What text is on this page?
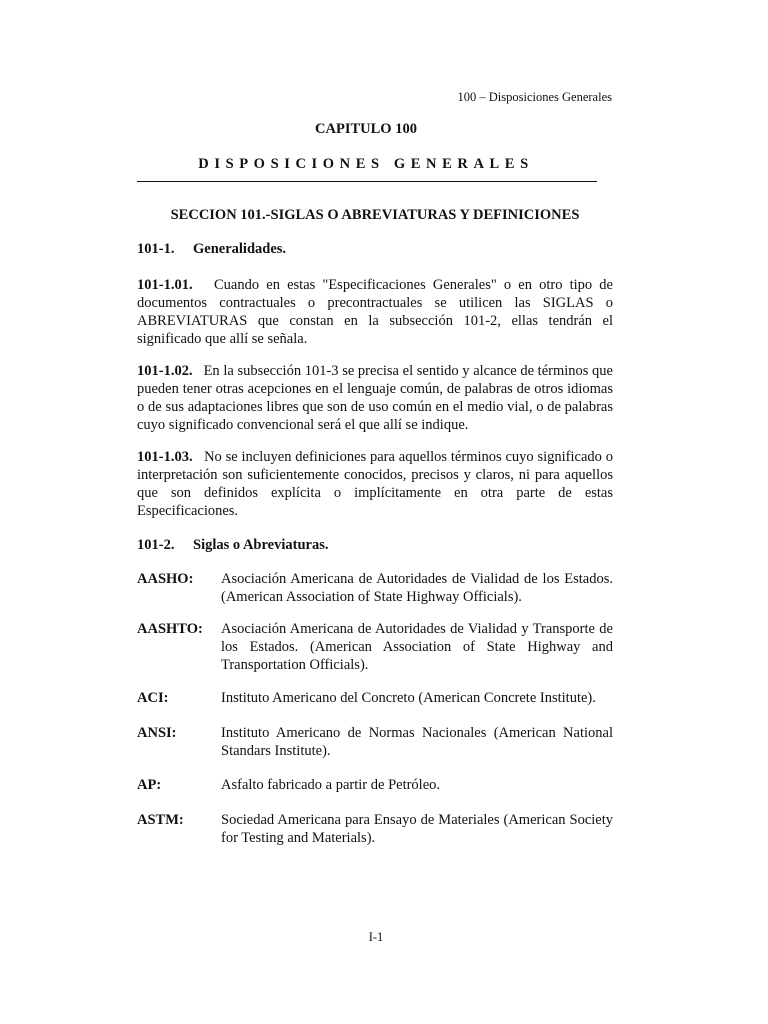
100 – Disposiciones Generales
CAPITULO 100
DISPOSICIONES GENERALES
SECCION 101.-SIGLAS O ABREVIATURAS Y DEFINICIONES
101-1. Generalidades.
101-1.01. Cuando en estas "Especificaciones Generales" o en otro tipo de documentos contractuales o precontractuales se utilicen las SIGLAS o ABREVIATURAS que constan en la subsección 101-2, ellas tendrán el significado que allí se señala.
101-1.02. En la subsección 101-3 se precisa el sentido y alcance de términos que pueden tener otras acepciones en el lenguaje común, de palabras de otros idiomas o de sus adaptaciones libres que son de uso común en el medio vial, o de palabras cuyo significado convencional será el que allí se indique.
101-1.03. No se incluyen definiciones para aquellos términos cuyo significado o interpretación son suficientemente conocidos, precisos y claros, ni para aquellos que son definidos explícita o implícitamente en otra parte de estas Especificaciones.
101-2. Siglas o Abreviaturas.
AASHO:	Asociación Americana de Autoridades de Vialidad de los Estados. (American Association of State Highway Officials).
AASHTO:	Asociación Americana de Autoridades de Vialidad y Transporte de los Estados. (American Association of State Highway and Transportation Officials).
ACI:	Instituto Americano del Concreto (American Concrete Institute).
ANSI:	Instituto Americano de Normas Nacionales (American National Standars Institute).
AP:	Asfalto fabricado a partir de Petróleo.
ASTM:	Sociedad Americana para Ensayo de Materiales (American Society for Testing and Materials).
I-1
